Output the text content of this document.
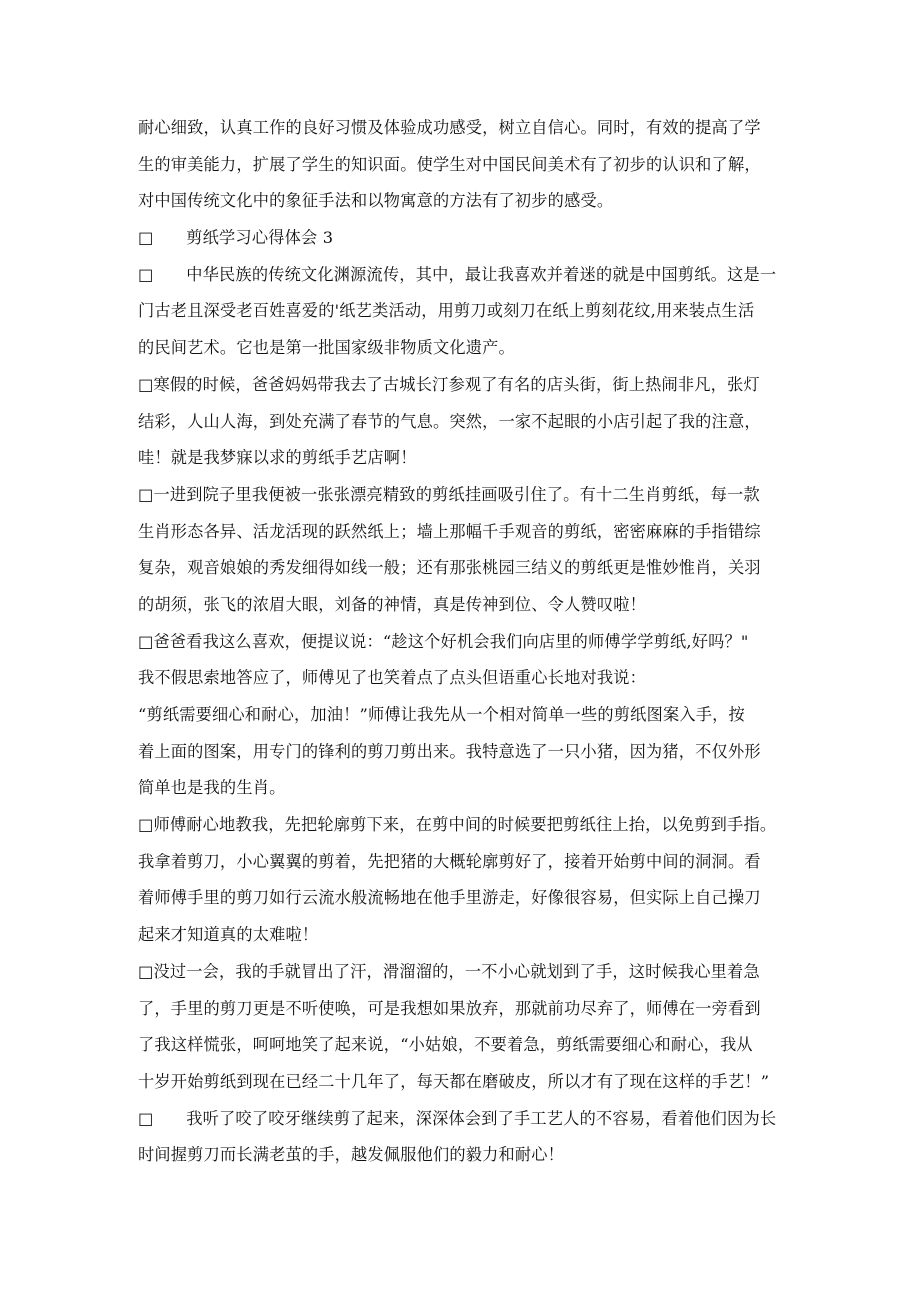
耐心细致，认真工作的良好习惯及体验成功感受，树立自信心。同时，有效的提高了学
生的审美能力，扩展了学生的知识面。使学生对中国民间美术有了初步的认识和了解，
对中国传统文化中的象征手法和以物寓意的方法有了初步的感受。
□　　剪纸学习心得体会 3
□　　中华民族的传统文化渊源流传，其中，最让我喜欢并着迷的就是中国剪纸。这是一
门古老且深受老百姓喜爱的'纸艺类活动，用剪刀或刻刀在纸上剪刻花纹,用来装点生活
的民间艺术。它也是第一批国家级非物质文化遗产。
□寒假的时候，爸爸妈妈带我去了古城长汀参观了有名的店头街，街上热闹非凡，张灯
结彩，人山人海，到处充满了春节的气息。突然，一家不起眼的小店引起了我的注意，
哇！就是我梦寐以求的剪纸手艺店啊！
□一进到院子里我便被一张张漂亮精致的剪纸挂画吸引住了。有十二生肖剪纸，每一款
生肖形态各异、活龙活现的跃然纸上；墙上那幅千手观音的剪纸，密密麻麻的手指错综
复杂，观音娘娘的秀发细得如线一般；还有那张桃园三结义的剪纸更是惟妙惟肖，关羽
的胡须，张飞的浓眉大眼，刘备的神情，真是传神到位、令人赞叹啦！
□爸爸看我这么喜欢，便提议说：“趁这个好机会我们向店里的师傅学学剪纸,好吗？"
我不假思索地答应了，师傅见了也笑着点了点头但语重心长地对我说：
“剪纸需要细心和耐心，加油！”师傅让我先从一个相对简单一些的剪纸图案入手，按
着上面的图案，用专门的锋利的剪刀剪出来。我特意选了一只小猪，因为猪，不仅外形
简单也是我的生肖。
□师傅耐心地教我，先把轮廓剪下来，在剪中间的时候要把剪纸往上抬，以免剪到手指。
我拿着剪刀，小心翼翼的剪着，先把猪的大概轮廓剪好了，接着开始剪中间的洞洞。看
着师傅手里的剪刀如行云流水般流畅地在他手里游走，好像很容易，但实际上自己操刀
起来才知道真的太难啦！
□没过一会，我的手就冒出了汗，滑溜溜的，一不小心就划到了手，这时候我心里着急
了，手里的剪刀更是不听使唤，可是我想如果放弃，那就前功尽弃了，师傅在一旁看到
了我这样慌张，呵呵地笑了起来说，“小姑娘，不要着急，剪纸需要细心和耐心，我从
十岁开始剪纸到现在已经二十几年了，每天都在磨破皮，所以才有了现在这样的手艺！”
□　　我听了咬了咬牙继续剪了起来，深深体会到了手工艺人的不容易，看着他们因为长
时间握剪刀而长满老茧的手，越发佩服他们的毅力和耐心！
